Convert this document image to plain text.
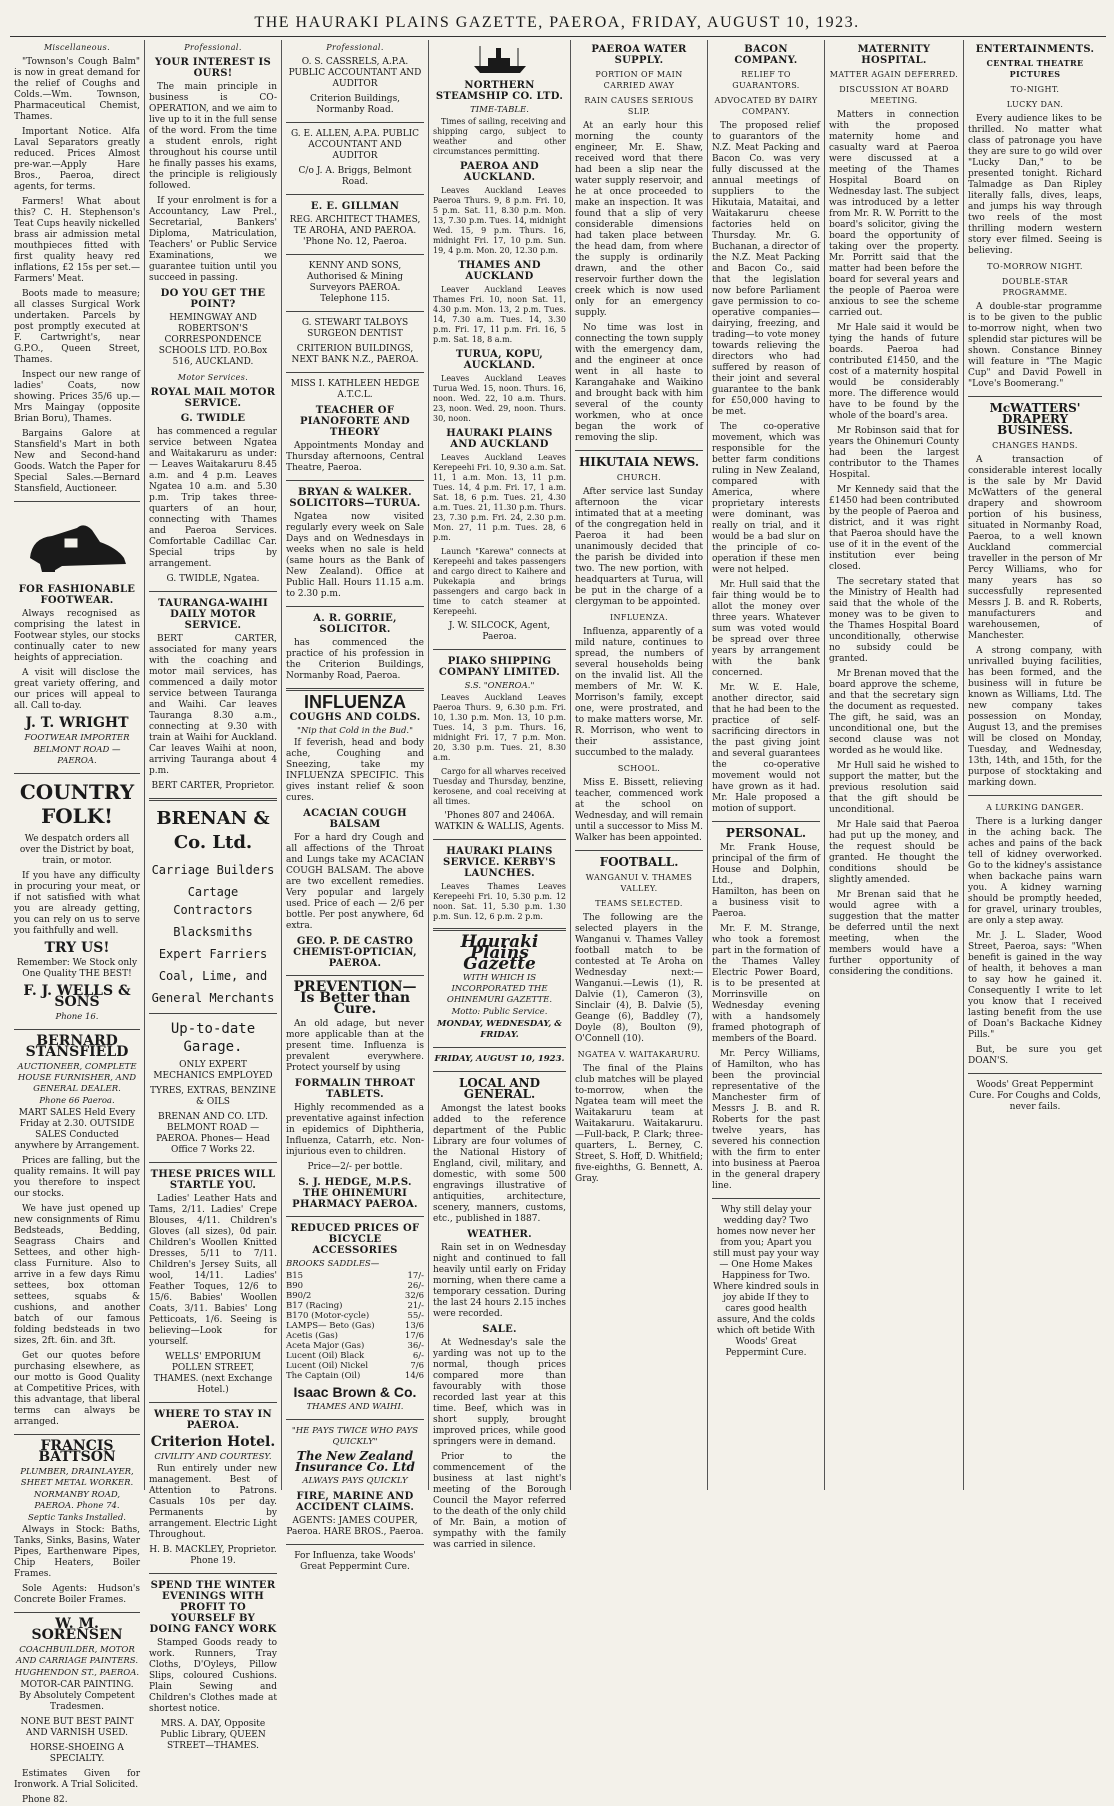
THE HAURAKI PLAINS GAZETTE, PAEROA, FRIDAY, AUGUST 10, 1923.
Miscellaneous.

"Townson's Cough Balm" is now in great demand for the relief of Coughs and Colds.—Wm. Townson, Pharmaceutical Chemist, Thames.

Important Notice. Alfa Laval Separators greatly reduced. Prices Almost pre-war.—Apply Hare Bros., Paeroa, direct agents, for terms.

Farmers! What about this? C. H. Stephenson's Teat Cups heavily nickelled brass air admission metal mouthpieces fitted with first quality heavy red inflations, £2 15s per set.—Farmers' Meat.

Boots made to measure; all classes Surgical Work undertaken. Parcels by post promptly executed at F. Cartwright's, near G.P.O., Queen Street, Thames.

Inspect our new range of ladies' Coats, now showing. Prices 35/6 up.—Mrs Maingay (opposite Brian Boru), Thames.

Bargains Galore at Stansfield's Mart in both New and Second-hand Goods. Watch the Paper for Special Sales.—Bernard Stansfield, Auctioneer.

FOR FASHIONABLE FOOTWEAR.

Always recognised as comprising the latest in Footwear styles, our stocks continually cater to new heights of appreciation.

A visit will disclose the great variety offering, and our prices will appeal to all. Call to-day.

J. T. WRIGHT
FOOTWEAR IMPORTER
BELMONT ROAD — PAEROA.
COUNTRY FOLK!

We despatch orders all over the District by boat, train, or motor.

If you have any difficulty in procuring your meat, or if not satisfied with what you are already getting, you can rely on us to serve you faithfully and well.

TRY US!

Remember: We Stock only One Quality THE BEST!

F. J. WELLS & SONS
Phone 16.
BERNARD STANSFIELD
AUCTIONEER, COMPLETE HOUSE FURNISHER, AND GENERAL DEALER.
Phone 66 Paeroa.

MART SALES Held Every Friday at 2.30. OUTSIDE SALES Conducted anywhere by Arrangement.

Prices are falling, but the quality remains. It will pay you therefore to inspect our stocks.

We have just opened up new consignments of Rimu Bedsteads, Bedding, Seagrass Chairs and Settees, and other high-class Furniture. Also to arrive in a few days Rimu settees, box ottoman settees, squabs & cushions, and another batch of our famous folding bedsteads in two sizes, 2ft. 6in. and 3ft.

Get our quotes before purchasing elsewhere, as our motto is Good Quality at Competitive Prices, with this advantage, that liberal terms can always be arranged.

FRANCIS BATTSON
PLUMBER, DRAINLAYER, SHEET METAL WORKER.
NORMANBY ROAD, PAEROA. Phone 74.
Septic Tanks Installed.

Always in Stock: Baths, Tanks, Sinks, Basins, Water Pipes, Earthenware Pipes, Chip Heaters, Boiler Frames.

Sole Agents: Hudson's Concrete Boiler Frames.

W. M. SORENSEN
COACHBUILDER, MOTOR AND CARRIAGE PAINTERS.
HUGHENDON ST., PAEROA.

MOTOR-CAR PAINTING. By Absolutely Competent Tradesmen.

NONE BUT BEST PAINT AND VARNISH USED.

HORSE-SHOEING A SPECIALTY.

Estimates Given for Ironwork. A Trial Solicited.

Phone 82.

Professional.
YOUR INTEREST IS OURS!

The main principle in business is CO-OPERATION, and we aim to live up to it in the full sense of the word. From the time a student enrols, right throughout his course until he finally passes his exams, the principle is religiously followed.

If your enrolment is for a Accountancy, Law Prel., Secretarial, Bankers' Diploma, Matriculation, Teachers' or Public Service Examinations, we guarantee tuition until you succeed in passing.

DO YOU GET THE POINT?

HEMINGWAY AND ROBERTSON'S CORRESPONDENCE SCHOOLS LTD. P.O.Box 516, AUCKLAND.

Motor Services.
ROYAL MAIL MOTOR SERVICE.
G. TWIDLE

has commenced a regular service between Ngatea and Waitakaruru as under:— Leaves Waitakaruru 8.45 a.m. and 4 p.m. Leaves Ngatea 10 a.m. and 5.30 p.m. Trip takes three-quarters of an hour, connecting with Thames and Paeroa Services. Comfortable Cadillac Car. Special trips by arrangement.

G. TWIDLE, Ngatea.

TAURANGA-WAIHI DAILY MOTOR SERVICE.

BERT CARTER, associated for many years with the coaching and motor mail services, has commenced a daily motor service between Tauranga and Waihi. Car leaves Tauranga 8.30 a.m., connecting at 9.30 with train at Waihi for Auckland. Car leaves Waihi at noon, arriving Tauranga about 4 p.m.

BERT CARTER, Proprietor.

BRENAN & Co. Ltd.
Carriage Builders
Cartage Contractors
Blacksmiths
Expert Farriers
Coal, Lime, and
General Merchants
Up-to-date Garage.

ONLY EXPERT MECHANICS EMPLOYED

TYRES, EXTRAS, BENZINE & OILS

BRENAN AND CO. LTD. BELMONT ROAD — PAEROA. Phones— Head Office 7 Works 22.

THESE PRICES WILL STARTLE YOU.

Ladies' Leather Hats and Tams, 2/11. Ladies' Crepe Blouses, 4/11. Children's Gloves (all sizes), 0d pair. Children's Woollen Knitted Dresses, 5/11 to 7/11. Children's Jersey Suits, all wool, 14/11. Ladies' Feather Toques, 12/6 to 15/6. Babies' Woollen Coats, 3/11. Babies' Long Petticoats, 1/6. Seeing is believing—Look for yourself.

WELLS' EMPORIUM POLLEN STREET, THAMES. (next Exchange Hotel.)

WHERE TO STAY IN PAEROA.
Criterion Hotel.
CIVILITY AND COURTESY.

Run entirely under new management. Best of Attention to Patrons. Casuals 10s per day. Permanents by arrangement. Electric Light Throughout.

H. B. MACKLEY, Proprietor. Phone 19.

SPEND THE WINTER EVENINGS WITH PROFIT TO YOURSELF BY DOING FANCY WORK

Stamped Goods ready to work. Runners, Tray Cloths, D'Oyleys, Pillow Slips, coloured Cushions. Plain Sewing and Children's Clothes made at shortest notice.

MRS. A. DAY, Opposite Public Library, QUEEN STREET—THAMES.

Professional.

O. S. CASSRELS, A.P.A. PUBLIC ACCOUNTANT AND AUDITOR

Criterion Buildings, Normanby Road.

G. E. ALLEN, A.P.A. PUBLIC ACCOUNTANT AND AUDITOR

C/o J. A. Briggs, Belmont Road.

E. E. GILLMAN

REG. ARCHITECT THAMES, TE AROHA, AND PAEROA. 'Phone No. 12, Paeroa.

KENNY AND SONS, Authorised & Mining Surveyors PAEROA. Telephone 115.

G. STEWART TALBOYS SURGEON DENTIST

CRITERION BUILDINGS, NEXT BANK N.Z., PAEROA.

MISS I. KATHLEEN HEDGE A.T.C.L.

TEACHER OF PIANOFORTE AND THEORY

Appointments Monday and Thursday afternoons, Central Theatre, Paeroa.

BRYAN & WALKER. SOLICITORS—TURUA.

Ngatea now visited regularly every week on Sale Days and on Wednesdays in weeks when no sale is held (same hours as the Bank of New Zealand). Office at Public Hall. Hours 11.15 a.m. to 2.30 p.m.

A. R. GORRIE, SOLICITOR.

has commenced the practice of his profession in the Criterion Buildings, Normanby Road, Paeroa.

INFLUENZA
COUGHS AND COLDS.
"Nip that Cold in the Bud."

If feverish, head and body ache, Coughing and Sneezing, take my INFLUENZA SPECIFIC. This gives instant relief & soon cures.

ACACIAN COUGH BALSAM

For a hard dry Cough and all affections of the Throat and Lungs take my ACACIAN COUGH BALSAM. The above are two excellent remedies. Very popular and largely used. Price of each — 2/6 per bottle. Per post anywhere, 6d extra.

GEO. P. DE CASTRO CHEMIST-OPTICIAN, PAEROA.
PREVENTION— Is Better than Cure.

An old adage, but never more applicable than at the present time. Influenza is prevalent everywhere. Protect yourself by using

FORMALIN THROAT TABLETS.

Highly recommended as a preventative against infection in epidemics of Diphtheria, Influenza, Catarrh, etc. Non-injurious even to children.

Price—2/- per bottle.

S. J. HEDGE, M.P.S. THE OHINEMURI PHARMACY PAEROA.
REDUCED PRICES OF BICYCLE ACCESSORIES
BROOKS SADDLES—
B15	17/-
B90	26/-
B90/2	32/6
B17 (Racing)	21/-
B170 (Motor-cycle)	55/-
LAMPS— Beto (Gas)	13/6
Acetis (Gas)	17/6
Aceta Major (Gas)	36/-
Lucent (Oil) Black	6/-
Lucent (Oil) Nickel	7/6
The Captain (Oil)	14/6
Isaac Brown & Co.
THAMES AND WAIHI.
"HE PAYS TWICE WHO PAYS QUICKLY"
The New Zealand Insurance Co. Ltd
ALWAYS PAYS QUICKLY
FIRE, MARINE AND ACCIDENT CLAIMS.

AGENTS: JAMES COUPER, Paeroa. HARE BROS., Paeroa.

For Influenza, take Woods' Great Peppermint Cure.

NORTHERN STEAMSHIP CO. LTD.
TIME-TABLE.

Times of sailing, receiving and shipping cargo, subject to weather and other circumstances permitting.

PAEROA AND AUCKLAND.

Leaves Auckland Leaves Paeroa Thurs. 9, 8 p.m. Fri. 10, 5 p.m. Sat. 11, 8.30 p.m. Mon. 13, 7.30 p.m. Tues. 14, midnight Wed. 15, 9 p.m. Thurs. 16, midnight Fri. 17, 10 p.m. Sun. 19, 4 p.m. Mon. 20, 12.30 p.m.

THAMES AND AUCKLAND

Leaver Auckland Leaves Thames Fri. 10, noon Sat. 11, 4.30 p.m. Mon. 13, 2 p.m. Tues. 14, 7.30 a.m. Tues. 14, 3.30 p.m. Fri. 17, 11 p.m. Fri. 16, 5 p.m. Sat. 18, 8 a.m.

TURUA, KOPU, AUCKLAND.

Leaves Auckland Leaves Turua Wed. 15, noon. Thurs. 16, noon. Wed. 22, 10 a.m. Thurs. 23, noon. Wed. 29, noon. Thurs. 30, noon.

HAURAKI PLAINS AND AUCKLAND

Leaves Auckland Leaves Kerepeehi Fri. 10, 9.30 a.m. Sat. 11, 1 a.m. Mon. 13, 11 p.m. Tues. 14, 4 p.m. Fri. 17, 1 a.m. Sat. 18, 6 p.m. Tues. 21, 4.30 a.m. Tues. 21, 11.30 p.m. Thurs. 23, 7.30 p.m. Fri. 24, 2.30 p.m. Mon. 27, 11 p.m. Tues. 28, 6 p.m.

Launch "Karewa" connects at Kerepeehi and takes passengers and cargo direct to Kaihere and Pukekapia and brings passengers and cargo back in time to catch steamer at Kerepeehi.

J. W. SILCOCK, Agent, Paeroa.

PIAKO SHIPPING COMPANY LIMITED.
S.S. "ONEROA."

Leaves Auckland Leaves Paeroa Thurs. 9, 6.30 p.m. Fri. 10, 1.30 p.m. Mon. 13, 10 p.m. Tues. 14, 3 p.m. Thurs. 16, midnight Fri. 17, 7 p.m. Mon. 20, 3.30 p.m. Tues. 21, 8.30 a.m.

Cargo for all wharves received Tuesday and Thursday, benzine, kerosene, and coal receiving at all times.

'Phones 807 and 2406A. WATKIN & WALLIS, Agents.

HAURAKI PLAINS SERVICE. KERBY'S LAUNCHES.

Leaves Thames Leaves Kerepeehi Fri. 10, 5.30 p.m. 12 noon. Sat. 11, 5.30 p.m. 1.30 p.m. Sun. 12, 6 p.m. 2 p.m.

Hauraki Plains Gazette
WITH WHICH IS INCORPORATED THE OHINEMURI GAZETTE.
Motto: Public Service.
MONDAY, WEDNESDAY, & FRIDAY.
FRIDAY, AUGUST 10, 1923.
LOCAL AND GENERAL.

Amongst the latest books added to the reference department of the Public Library are four volumes of the National History of England, civil, military, and domestic, with some 500 engravings illustrative of antiquities, architecture, scenery, manners, customs, etc., published in 1887.

WEATHER.

Rain set in on Wednesday night and continued to fall heavily until early on Friday morning, when there came a temporary cessation. During the last 24 hours 2.15 inches were recorded.

SALE.

At Wednesday's sale the yarding was not up to the normal, though prices compared more than favourably with those recorded last year at this time. Beef, which was in short supply, brought improved prices, while good springers were in demand.

Prior to the commencement of the business at last night's meeting of the Borough Council the Mayor referred to the death of the only child of Mr. Bain, a motion of sympathy with the family was carried in silence.

PAEROA WATER SUPPLY.
PORTION OF MAIN CARRIED AWAY
RAIN CAUSES SERIOUS SLIP.

At an early hour this morning the county engineer, Mr. E. Shaw, received word that there had been a slip near the water supply reservoir, and he at once proceeded to make an inspection. It was found that a slip of very considerable dimensions had taken place between the head dam, from where the supply is ordinarily drawn, and the other reservoir further down the creek which is now used only for an emergency supply.

No time was lost in connecting the town supply with the emergency dam, and the engineer at once went in all haste to Karangahake and Waikino and brought back with him several of the county workmen, who at once began the work of removing the slip.

HIKUTAIA NEWS.
CHURCH.

After service last Sunday afternoon the vicar intimated that at a meeting of the congregation held in Paeroa it had been unanimously decided that the parish be divided into two. The new portion, with headquarters at Turua, will be put in the charge of a clergyman to be appointed.

INFLUENZA.

Influenza, apparently of a mild nature, continues to spread, the numbers of several households being on the invalid list. All the members of Mr. W. K. Morrison's family, except one, were prostrated, and to make matters worse, Mr. R. Morrison, who went to their assistance, succumbed to the malady.

SCHOOL.

Miss E. Bissett, relieving teacher, commenced work at the school on Wednesday, and will remain until a successor to Miss M. Walker has been appointed.

FOOTBALL.
WANGANUI V. THAMES VALLEY.
TEAMS SELECTED.

The following are the selected players in the Wanganui v. Thames Valley football match to be contested at Te Aroha on Wednesday next:— Wanganui.—Lewis (1), R. Dalvie (1), Cameron (3), Sinclair (4), B. Dalvie (5), Geange (6), Baddley (7), Doyle (8), Boulton (9), O'Connell (10).

NGATEA V. WAITAKARURU.

The final of the Plains club matches will be played to-morrow, when the Ngatea team will meet the Waitakaruru team at Waitakaruru. Waitakaruru.—Full-back, P. Clark; three-quarters, L. Berney, C. Street, S. Hoff, D. Whitfield; five-eighths, G. Bennett, A. Gray.

BACON COMPANY.
RELIEF TO GUARANTORS.
ADVOCATED BY DAIRY COMPANY.

The proposed relief to guarantors of the N.Z. Meat Packing and Bacon Co. was very fully discussed at the annual meetings of suppliers to the Hikutaia, Mataitai, and Waitakaruru cheese factories held on Thursday. Mr. G. Buchanan, a director of the N.Z. Meat Packing and Bacon Co., said that the legislation now before Parliament gave permission to co-operative companies—dairying, freezing, and trading—to vote money towards relieving the directors who had suffered by reason of their joint and several guarantee to the bank for £50,000 having to be met.

The co-operative movement, which was responsible for the better farm conditions ruling in New Zealand, compared with America, where proprietary interests were dominant, was really on trial, and it would be a bad slur on the principle of co-operation if these men were not helped.

Mr. Hull said that the fair thing would be to allot the money over three years. Whatever sum was voted would be spread over three years by arrangement with the bank concerned.

Mr. W. E. Hale, another director, said that he had been to the practice of self-sacrificing directors in the past giving joint and several guarantees the co-operative movement would not have grown as it had. Mr. Hale proposed a motion of support.

PERSONAL.

Mr. Frank House, principal of the firm of House and Dolphin, Ltd., drapers, Hamilton, has been on a business visit to Paeroa.

Mr. F. M. Strange, who took a foremost part in the formation of the Thames Valley Electric Power Board, is to be presented at Morrinsville on Wednesday evening with a handsomely framed photograph of members of the Board.

Mr. Percy Williams, of Hamilton, who has been the provincial representative of the Manchester firm of Messrs J. B. and R. Roberts for the past twelve years, has severed his connection with the firm to enter into business at Paeroa in the general drapery line.

Why still delay your wedding day? Two homes now never her from you; Apart you still must pay your way— One Home Makes Happiness for Two. Where kindred souls in joy abide If they to cares good health assure, And the colds which oft betide With Woods' Great Peppermint Cure.

MATERNITY HOSPITAL.
MATTER AGAIN DEFERRED.
DISCUSSION AT BOARD MEETING.

Matters in connection with the proposed maternity home and casualty ward at Paeroa were discussed at a meeting of the Thames Hospital Board on Wednesday last. The subject was introduced by a letter from Mr. R. W. Porritt to the board's solicitor, giving the board the opportunity of taking over the property. Mr. Porritt said that the matter had been before the board for several years and the people of Paeroa were anxious to see the scheme carried out.

Mr Hale said it would be tying the hands of future boards. Paeroa had contributed £1450, and the cost of a maternity hospital would be considerably more. The difference would have to be found by the whole of the board's area.

Mr Robinson said that for years the Ohinemuri County had been the largest contributor to the Thames Hospital.

Mr Kennedy said that the £1450 had been contributed by the people of Paeroa and district, and it was right that Paeroa should have the use of it in the event of the institution ever being closed.

The secretary stated that the Ministry of Health had said that the whole of the money was to be given to the Thames Hospital Board unconditionally, otherwise no subsidy could be granted.

Mr Brenan moved that the board approve the scheme, and that the secretary sign the document as requested. The gift, he said, was an unconditional one, but the second clause was not worded as he would like.

Mr Hull said he wished to support the matter, but the previous resolution said that the gift should be unconditional.

Mr Hale said that Paeroa had put up the money, and the request should be granted. He thought the conditions should be slightly amended.

Mr Brenan said that he would agree with a suggestion that the matter be deferred until the next meeting, when the members would have a further opportunity of considering the conditions.

ENTERTAINMENTS.
CENTRAL THEATRE PICTURES
TO-NIGHT.
LUCKY DAN.

Every audience likes to be thrilled. No matter what class of patronage you have they are sure to go wild over "Lucky Dan," to be presented tonight. Richard Talmadge as Dan Ripley literally falls, dives, leaps, and jumps his way through two reels of the most thrilling modern western story ever filmed. Seeing is believing.

TO-MORROW NIGHT.
DOUBLE-STAR PROGRAMME.

A double-star programme is to be given to the public to-morrow night, when two splendid star pictures will be shown. Constance Binney will feature in "The Magic Cup" and David Powell in "Love's Boomerang."

McWATTERS' DRAPERY BUSINESS.
CHANGES HANDS.

A transaction of considerable interest locally is the sale by Mr David McWatters of the general drapery and showroom portion of his business, situated in Normanby Road, Paeroa, to a well known Auckland commercial traveller in the person of Mr Percy Williams, who for many years has so successfully represented Messrs J. B. and R. Roberts, manufacturers and warehousemen, of Manchester.

A strong company, with unrivalled buying facilities, has been formed, and the business will in future be known as Williams, Ltd. The new company takes possession on Monday, August 13, and the premises will be closed on Monday, Tuesday, and Wednesday, 13th, 14th, and 15th, for the purpose of stocktaking and marking down.

A LURKING DANGER.

There is a lurking danger in the aching back. The aches and pains of the back tell of kidney overworked. Go to the kidney's assistance when backache pains warn you. A kidney warning should be promptly heeded, for gravel, urinary troubles, are only a step away.

Mr. J. L. Slader, Wood Street, Paeroa, says: "When benefit is gained in the way of health, it behoves a man to say how he gained it. Consequently I write to let you know that I received lasting benefit from the use of Doan's Backache Kidney Pills."

But, be sure you get DOAN'S.

Woods' Great Peppermint Cure. For Coughs and Colds, never fails.
